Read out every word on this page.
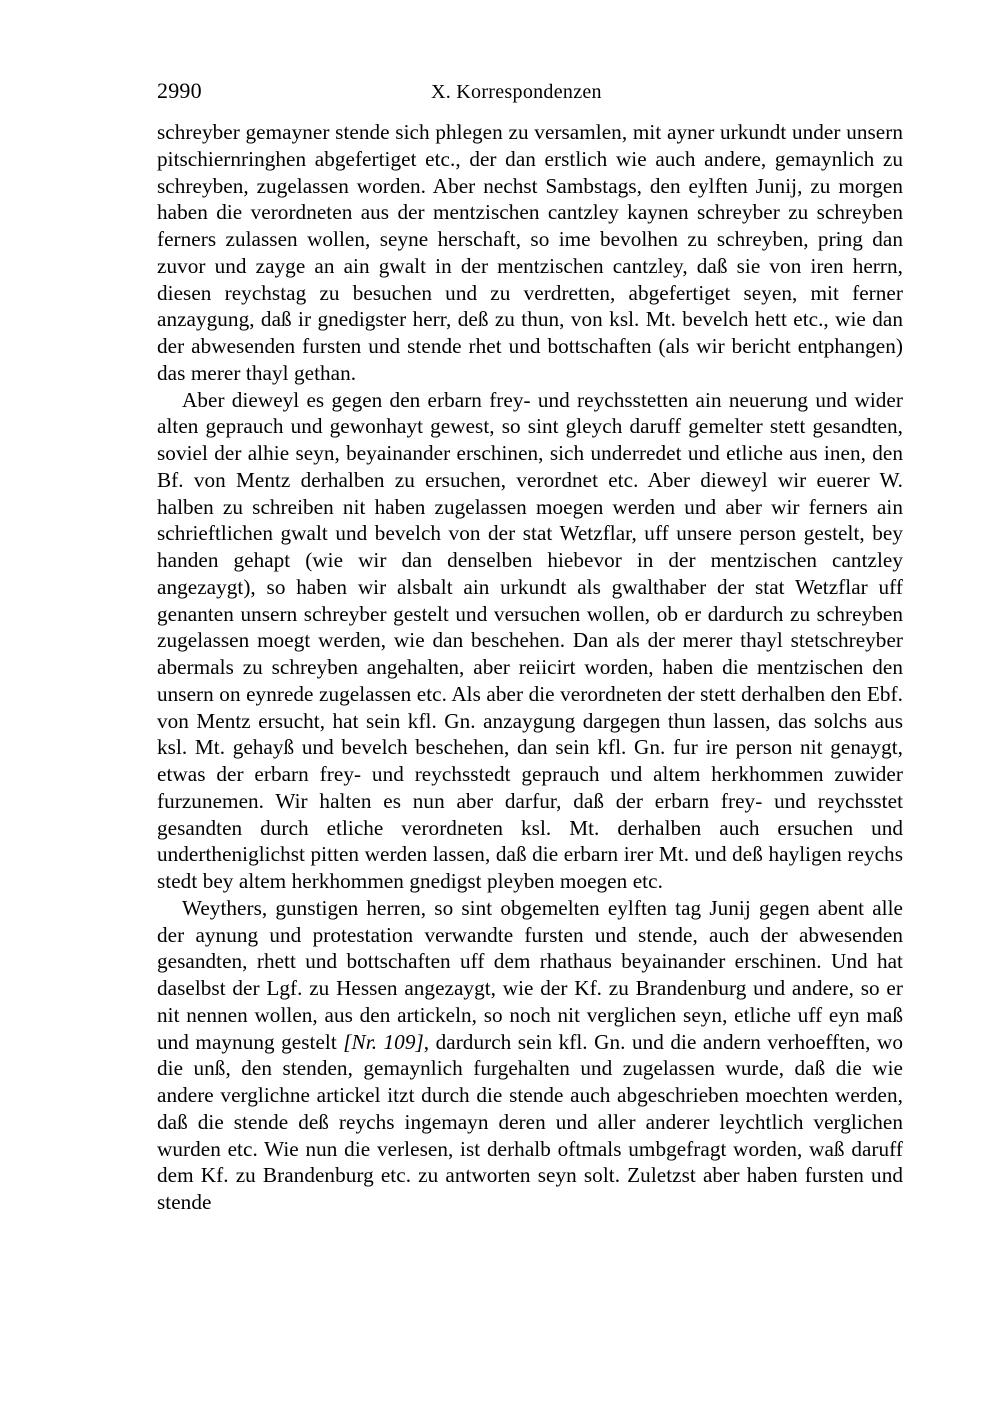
2990	X. Korrespondenzen

schreyber gemayner stende sich phlegen zu versamlen, mit ayner urkundt under unsern pitschiernringhen abgefertiget etc., der dan erstlich wie auch andere, gemaynlich zu schreyben, zugelassen worden. Aber nechst Sambstags, den eylften Junij, zu morgen haben die verordneten aus der mentzischen cantzley kaynen schreyber zu schreyben ferners zulassen wollen, seyne herschaft, so ime bevolhen zu schreyben, pring dan zuvor und zayge an ain gwalt in der mentzischen cantzley, daß sie von iren herrn, diesen reychstag zu besuchen und zu verdretten, abgefertiget seyen, mit ferner anzaygung, daß ir gnedigster herr, deß zu thun, von ksl. Mt. bevelch hett etc., wie dan der abwesenden fursten und stende rhet und bottschaften (als wir bericht entphangen) das merer thayl gethan.

Aber dieweyl es gegen den erbarn frey- und reychsstetten ain neuerung und wider alten geprauch und gewonhayt gewest, so sint gleych daruff gemelter stett gesandten, soviel der alhie seyn, beyainander erschinen, sich underredet und etliche aus inen, den Bf. von Mentz derhalben zu ersuchen, verordnet etc. Aber dieweyl wir euerer W. halben zu schreiben nit haben zugelassen moegen werden und aber wir ferners ain schrieftlichen gwalt und bevelch von der stat Wetzflar, uff unsere person gestelt, bey handen gehapt (wie wir dan denselben hiebevor in der mentzischen cantzley angezaygt), so haben wir alsbalt ain urkundt als gwalthaber der stat Wetzflar uff genanten unsern schreyber gestelt und versuchen wollen, ob er dardurch zu schreyben zugelassen moegt werden, wie dan beschehen. Dan als der merer thayl stetschreyber abermals zu schreyben angehalten, aber reiicirt worden, haben die mentzischen den unsern on eynrede zugelassen etc. Als aber die verordneten der stett derhalben den Ebf. von Mentz ersucht, hat sein kfl. Gn. anzaygung dargegen thun lassen, das solchs aus ksl. Mt. gehayß und bevelch beschehen, dan sein kfl. Gn. fur ire person nit genaygt, etwas der erbarn frey- und reychsstedt geprauch und altem herkhommen zuwider furzunemen. Wir halten es nun aber darfur, daß der erbarn frey- und reychsstet gesandten durch etliche verordneten ksl. Mt. derhalben auch ersuchen und undertheniglichst pitten werden lassen, daß die erbarn irer Mt. und deß hayligen reychs stedt bey altem herkhommen gnedigst pleyben moegen etc.

Weythers, gunstigen herren, so sint obgemelten eylften tag Junij gegen abent alle der aynung und protestation verwandte fursten und stende, auch der abwesenden gesandten, rhett und bottschaften uff dem rhathaus beyainander erschinen. Und hat daselbst der Lgf. zu Hessen angezaygt, wie der Kf. zu Brandenburg und andere, so er nit nennen wollen, aus den artickeln, so noch nit verglichen seyn, etliche uff eyn maß und maynung gestelt [Nr. 109], dardurch sein kfl. Gn. und die andern verhoefften, wo die unß, den stenden, gemaynlich furgehalten und zugelassen wurde, daß die wie andere verglichne artickel itzt durch die stende auch abgeschrieben moechten werden, daß die stende deß reychs ingemayn deren und aller anderer leychtlich verglichen wurden etc. Wie nun die verlesen, ist derhalb oftmals umbgefragt worden, waß daruff dem Kf. zu Brandenburg etc. zu antworten seyn solt. Zuletzst aber haben fursten und stende
